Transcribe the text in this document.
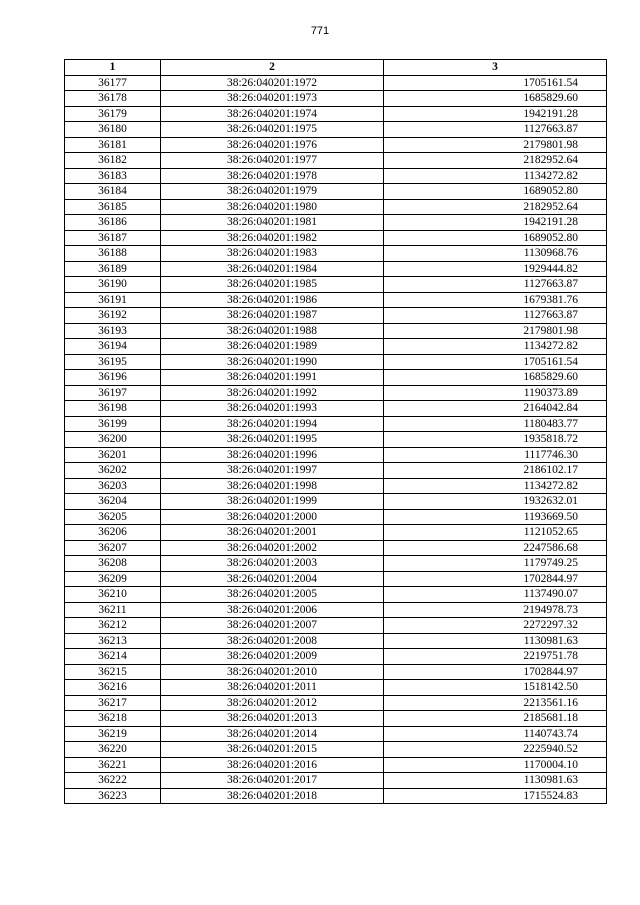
771
1	2	3
36177	38:26:040201:1972	1705161.54
36178	38:26:040201:1973	1685829.60
36179	38:26:040201:1974	1942191.28
36180	38:26:040201:1975	1127663.87
36181	38:26:040201:1976	2179801.98
36182	38:26:040201:1977	2182952.64
36183	38:26:040201:1978	1134272.82
36184	38:26:040201:1979	1689052.80
36185	38:26:040201:1980	2182952.64
36186	38:26:040201:1981	1942191.28
36187	38:26:040201:1982	1689052.80
36188	38:26:040201:1983	1130968.76
36189	38:26:040201:1984	1929444.82
36190	38:26:040201:1985	1127663.87
36191	38:26:040201:1986	1679381.76
36192	38:26:040201:1987	1127663.87
36193	38:26:040201:1988	2179801.98
36194	38:26:040201:1989	1134272.82
36195	38:26:040201:1990	1705161.54
36196	38:26:040201:1991	1685829.60
36197	38:26:040201:1992	1190373.89
36198	38:26:040201:1993	2164042.84
36199	38:26:040201:1994	1180483.77
36200	38:26:040201:1995	1935818.72
36201	38:26:040201:1996	1117746.30
36202	38:26:040201:1997	2186102.17
36203	38:26:040201:1998	1134272.82
36204	38:26:040201:1999	1932632.01
36205	38:26:040201:2000	1193669.50
36206	38:26:040201:2001	1121052.65
36207	38:26:040201:2002	2247586.68
36208	38:26:040201:2003	1179749.25
36209	38:26:040201:2004	1702844.97
36210	38:26:040201:2005	1137490.07
36211	38:26:040201:2006	2194978.73
36212	38:26:040201:2007	2272297.32
36213	38:26:040201:2008	1130981.63
36214	38:26:040201:2009	2219751.78
36215	38:26:040201:2010	1702844.97
36216	38:26:040201:2011	1518142.50
36217	38:26:040201:2012	2213561.16
36218	38:26:040201:2013	2185681.18
36219	38:26:040201:2014	1140743.74
36220	38:26:040201:2015	2225940.52
36221	38:26:040201:2016	1170004.10
36222	38:26:040201:2017	1130981.63
36223	38:26:040201:2018	1715524.83
